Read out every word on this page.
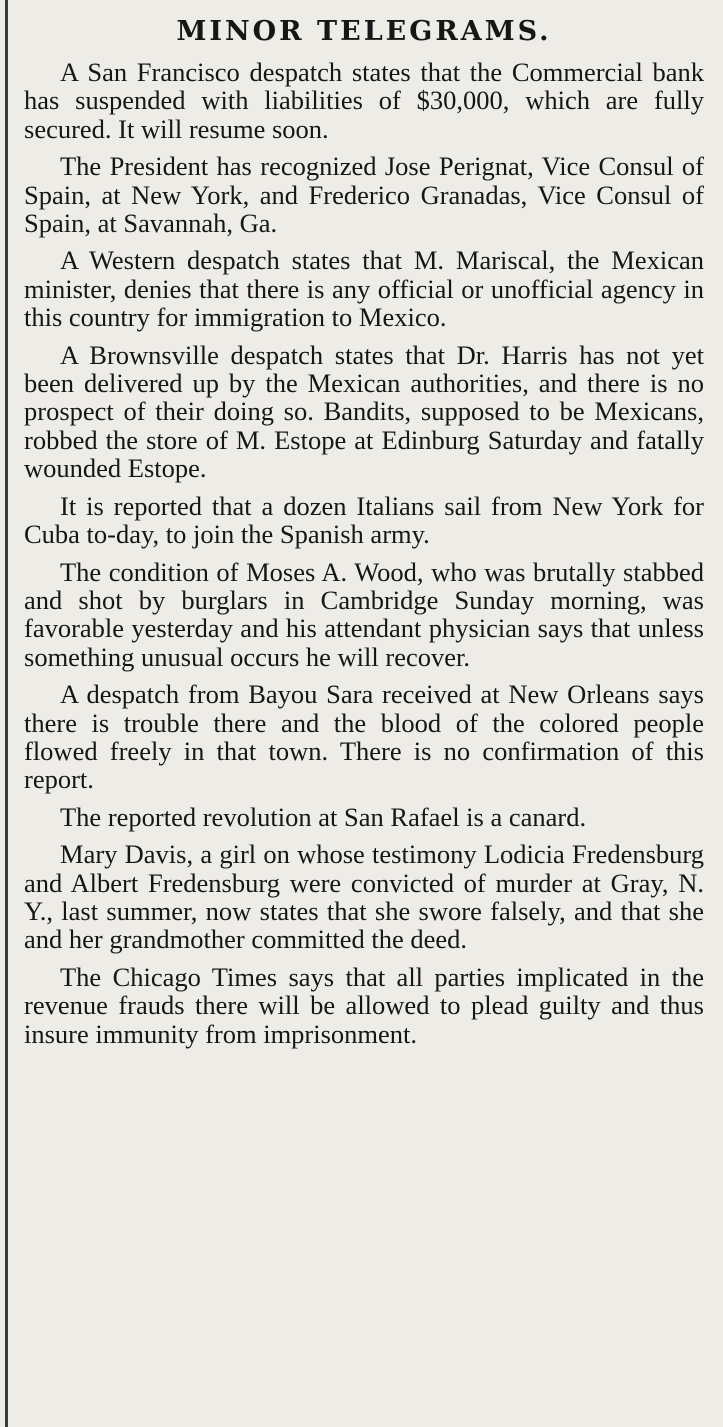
MINOR TELEGRAMS.

A San Francisco despatch states that the Commercial bank has suspended with liabilities of $30,000, which are fully secured. It will resume soon.

The President has recognized Jose Perignat, Vice Consul of Spain, at New York, and Frederico Granadas, Vice Consul of Spain, at Savannah, Ga.

A Western despatch states that M. Mariscal, the Mexican minister, denies that there is any official or unofficial agency in this country for immigration to Mexico.

A Brownsville despatch states that Dr. Harris has not yet been delivered up by the Mexican authorities, and there is no prospect of their doing so. Bandits, supposed to be Mexicans, robbed the store of M. Estope at Edinburg Saturday and fatally wounded Estope.

It is reported that a dozen Italians sail from New York for Cuba to-day, to join the Spanish army.

The condition of Moses A. Wood, who was brutally stabbed and shot by burglars in Cambridge Sunday morning, was favorable yesterday and his attendant physician says that unless something unusual occurs he will recover.

A despatch from Bayou Sara received at New Orleans says there is trouble there and the blood of the colored people flowed freely in that town. There is no confirmation of this report.

The reported revolution at San Rafael is a canard.

Mary Davis, a girl on whose testimony Lodicia Fredensburg and Albert Fredensburg were convicted of murder at Gray, N. Y., last summer, now states that she swore falsely, and that she and her grandmother committed the deed.

The Chicago Times says that all parties implicated in the revenue frauds there will be allowed to plead guilty and thus insure immunity from imprisonment.
